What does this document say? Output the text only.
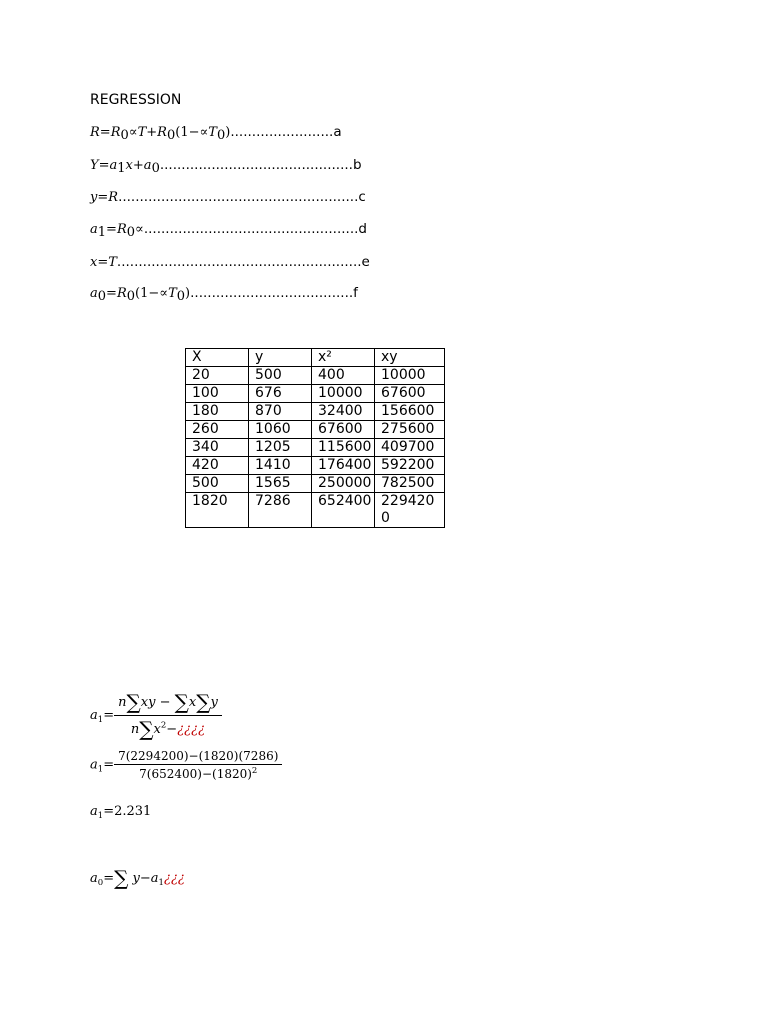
REGRESSION
$R=R_0\propto T+R_0(1-\propto T_0)........................a$
$Y=a_1x+a_0.............................................b$
y=R........................................................c
$a_1=R_0\propto..................................................d$
x=T.........................................................e
$a_0=R_0(1-\propto T_0)......................................f$
X	y	x²	xy

20	500	400	10000

100	676	10000	67600

180	870	32400	156600

260	1060	67600	275600

340	1205	115600	409700

420	1410	176400	592200

500	1565	250000	782500

1820	7286	652400	2294200
$a_1= \frac{n\sum xy - \sum x\sum y}{n\sum x^2-¿¿¿¿}$
$a_1= \frac{7(2294200)-(1820)(7286)}{7(652400)-(1820)^2}$
$a_1=2.231$
$a_0=\sum$ $y-a_1¿¿¿$
